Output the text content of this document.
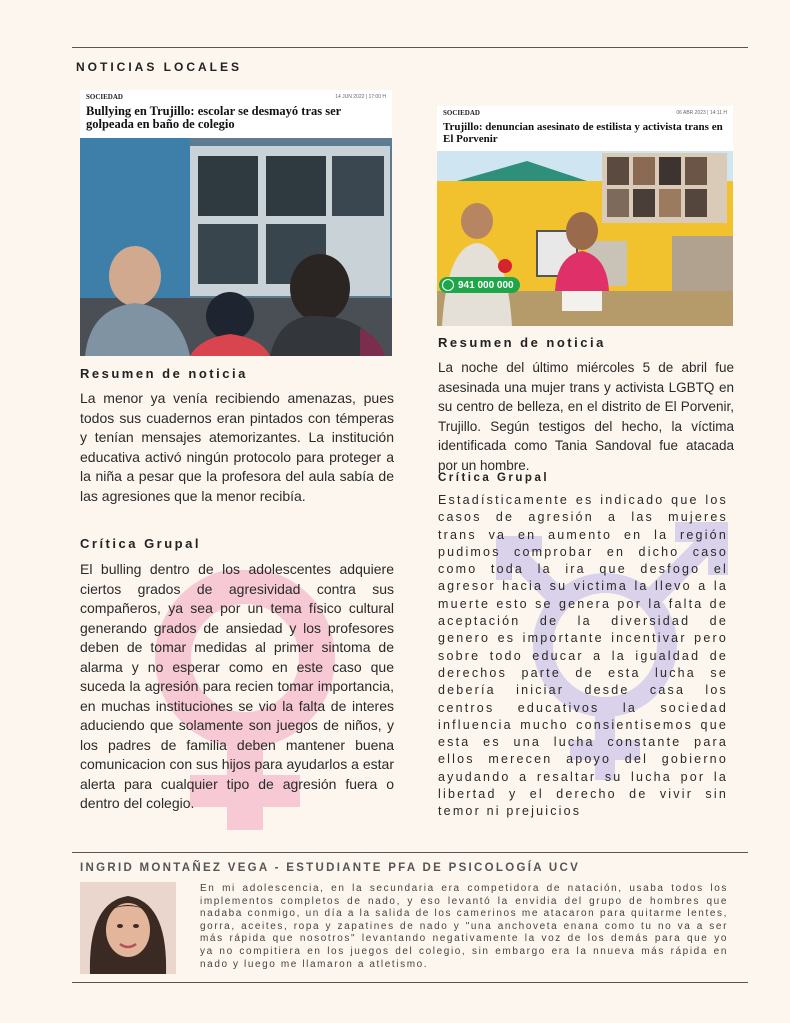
NOTICIAS LOCALES
SOCIEDAD	14 JUN 2022 | 17:00 H
Bullying en Trujillo: escolar se desmayó tras ser golpeada en baño de colegio
SOCIEDAD	06 ABR 2023 | 14:11 H
Trujillo: denuncian asesinato de estilista y activista trans en El Porvenir
941 000 000
Resumen de noticia
La menor ya venía recibiendo amenazas, pues todos sus cuadernos eran pintados con témperas y tenían mensajes atemorizantes. La institución educativa activó ningún protocolo para proteger a la niña a pesar que la profesora del aula sabía de las agresiones que la menor recibía.
Crítica Grupal
El bulling dentro de los adolescentes adquiere ciertos grados de agresividad contra sus compañeros, ya sea por un tema físico cultural generando grados de ansiedad y los profesores deben de tomar medidas al primer sintoma de alarma y no esperar como en este caso que suceda la agresión para recien tomar importancia, en muchas instituciones se vio la falta de interes aduciendo que solamente son juegos de niños, y los padres de familia deben mantener buena comunicacion con sus hijos para ayudarlos a estar alerta para cualquier tipo de agresión fuera o dentro del colegio.
Resumen de noticia
La noche del último miércoles 5 de abril fue asesinada una mujer trans y activista LGBTQ en su centro de belleza, en el distrito de El Porvenir, Trujillo. Según testigos del hecho, la víctima identificada como Tania Sandoval fue atacada por un hombre.
Crítica Grupal
Estadísticamente es indicado que los casos de agresión a las mujeres trans va en aumento en la región pudimos comprobar en dicho caso como toda la ira que desfogo el agresor hacia su victima la llevo a la muerte esto se genera por la falta de aceptación de la diversidad de genero es importante incentivar pero sobre todo educar a la igualdad de derechos parte de esta lucha se debería iniciar desde casa los centros educativos la sociedad influencia mucho consientisemos que esta es una lucha constante para ellos merecen apoyo del gobierno ayudando a resaltar su lucha por la libertad y el derecho de vivir sin temor ni prejuicios
INGRID MONTAÑEZ VEGA - ESTUDIANTE PFA DE PSICOLOGÍA UCV
En mi adolescencia, en la secundaria era competidora de natación, usaba todos los implementos completos de nado, y eso levantó la envidia del grupo de hombres que nadaba conmigo, un día a la salida de los camerinos me atacaron para quitarme lentes, gorra, aceites, ropa y zapatines de nado y "una anchoveta enana como tu no va a ser más rápida que nosotros" levantando negativamente la voz de los demás para que yo ya no compitiera en los juegos del colegio, sin embargo era la nnueva más rápida en nado y luego me llamaron a atletismo.
